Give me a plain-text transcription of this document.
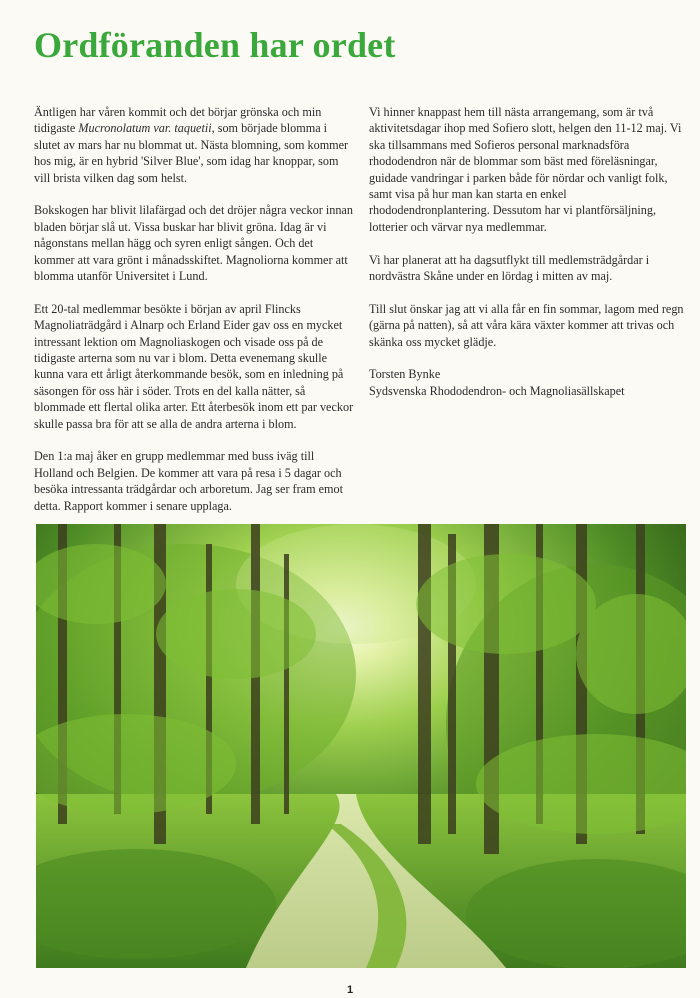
Ordföranden har ordet

Äntligen har våren kommit och det börjar grönska och min tidigaste Mucronolatum var. taquetii, som började blomma i slutet av mars har nu blommat ut. Nästa blomning, som kommer hos mig, är en hybrid 'Silver Blue', som idag har knoppar, som vill brista vilken dag som helst.

Bokskogen har blivit lilafärgad och det dröjer några veckor innan bladen börjar slå ut. Vissa buskar har blivit gröna. Idag är vi någonstans mellan hägg och syren enligt sången. Och det kommer att vara grönt i månadsskiftet. Magnoliorna kommer att blomma utanför Universitet i Lund.

Ett 20-tal medlemmar besökte i början av april Flincks Magnoliaträdgård i Alnarp och Erland Eider gav oss en mycket intressant lektion om Magnoliaskogen och visade oss på de tidigaste arterna som nu var i blom. Detta evenemang skulle kunna vara ett årligt återkommande besök, som en inledning på säsongen för oss här i söder. Trots en del kalla nätter, så blommade ett flertal olika arter. Ett återbesök inom ett par veckor skulle passa bra för att se alla de andra arterna i blom.

Den 1:a maj åker en grupp medlemmar med buss iväg till Holland och Belgien. De kommer att vara på resa i 5 dagar och besöka intressanta trädgårdar och arboretum. Jag ser fram emot detta. Rapport kommer i senare upplaga.

Vi hinner knappast hem till nästa arrangemang, som är två aktivitetsdagar ihop med Sofiero slott, helgen den 11-12 maj. Vi ska tillsammans med Sofieros personal marknadsföra rhododendron när de blommar som bäst med föreläsningar, guidade vandringar i parken både för nördar och vanligt folk, samt visa på hur man kan starta en enkel rhododendronplantering. Dessutom har vi plantförsäljning, lotterier och värvar nya medlemmar.

Vi har planerat att ha dagsutflykt till medlemsträdgårdar i nordvästra Skåne under en lördag i mitten av maj.

Till slut önskar jag att vi alla får en fin sommar, lagom med regn (gärna på natten), så att våra kära växter kommer att trivas och skänka oss mycket glädje.

Torsten Bynke

Sydsvenska Rhododendron- och Magnoliasällskapet

1
